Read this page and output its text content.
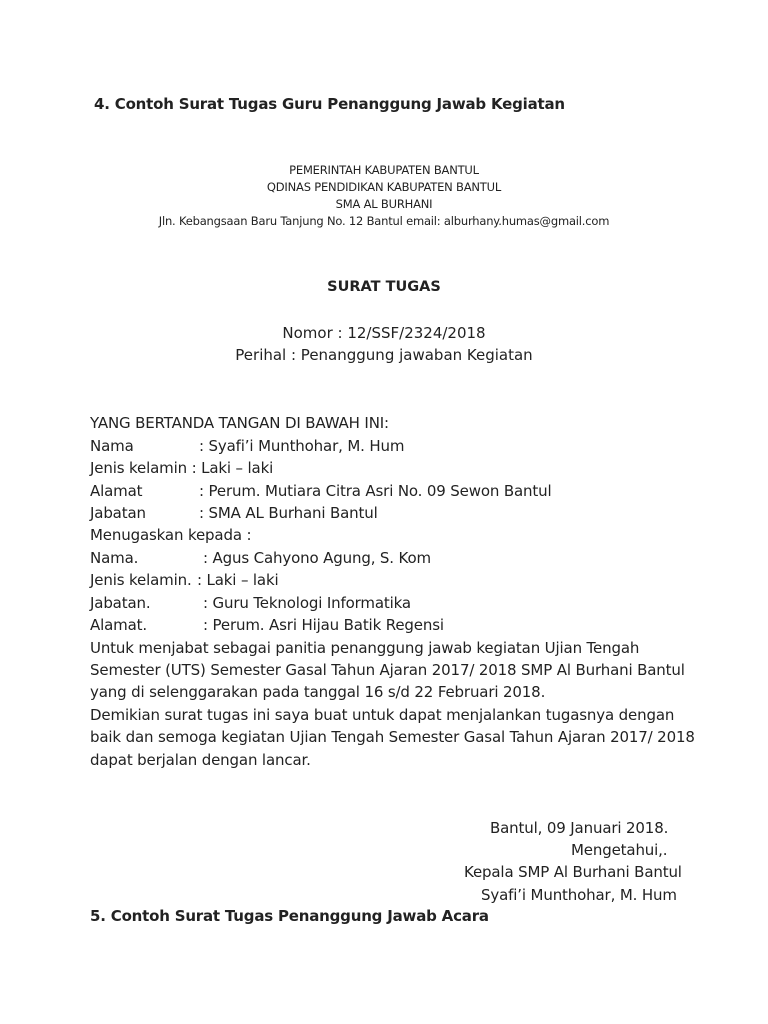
4. Contoh Surat Tugas Guru Penanggung Jawab Kegiatan
PEMERINTAH KABUPATEN BANTUL
QDINAS PENDIDIKAN KABUPATEN BANTUL
SMA AL BURHANI
Jln. Kebangsaan Baru Tanjung No. 12 Bantul email: alburhany.humas@gmail.com
SURAT TUGAS
Nomor : 12/SSF/2324/2018
Perihal : Penanggung jawaban Kegiatan
YANG BERTANDA TANGAN DI BAWAH INI:
Nama	: Syafi’i Munthohar, M. Hum
Jenis kelamin : Laki – laki
Alamat	: Perum. Mutiara Citra Asri No. 09 Sewon Bantul
Jabatan	: SMA AL Burhani Bantul
Menugaskan kepada :
Nama.	: Agus Cahyono Agung, S. Kom
Jenis kelamin. : Laki – laki
Jabatan.	: Guru Teknologi Informatika
Alamat.	: Perum. Asri Hijau Batik Regensi
Untuk menjabat sebagai panitia penanggung jawab kegiatan Ujian Tengah
Semester (UTS) Semester Gasal Tahun Ajaran 2017/ 2018 SMP Al Burhani Bantul
yang di selenggarakan pada tanggal 16 s/d 22 Februari 2018.
Demikian surat tugas ini saya buat untuk dapat menjalankan tugasnya dengan
baik dan semoga kegiatan Ujian Tengah Semester Gasal Tahun Ajaran 2017/ 2018
dapat berjalan dengan lancar.
Bantul, 09 Januari 2018.
Mengetahui,.
Kepala SMP Al Burhani Bantul
Syafi’i Munthohar, M. Hum
5. Contoh Surat Tugas Penanggung Jawab Acara
